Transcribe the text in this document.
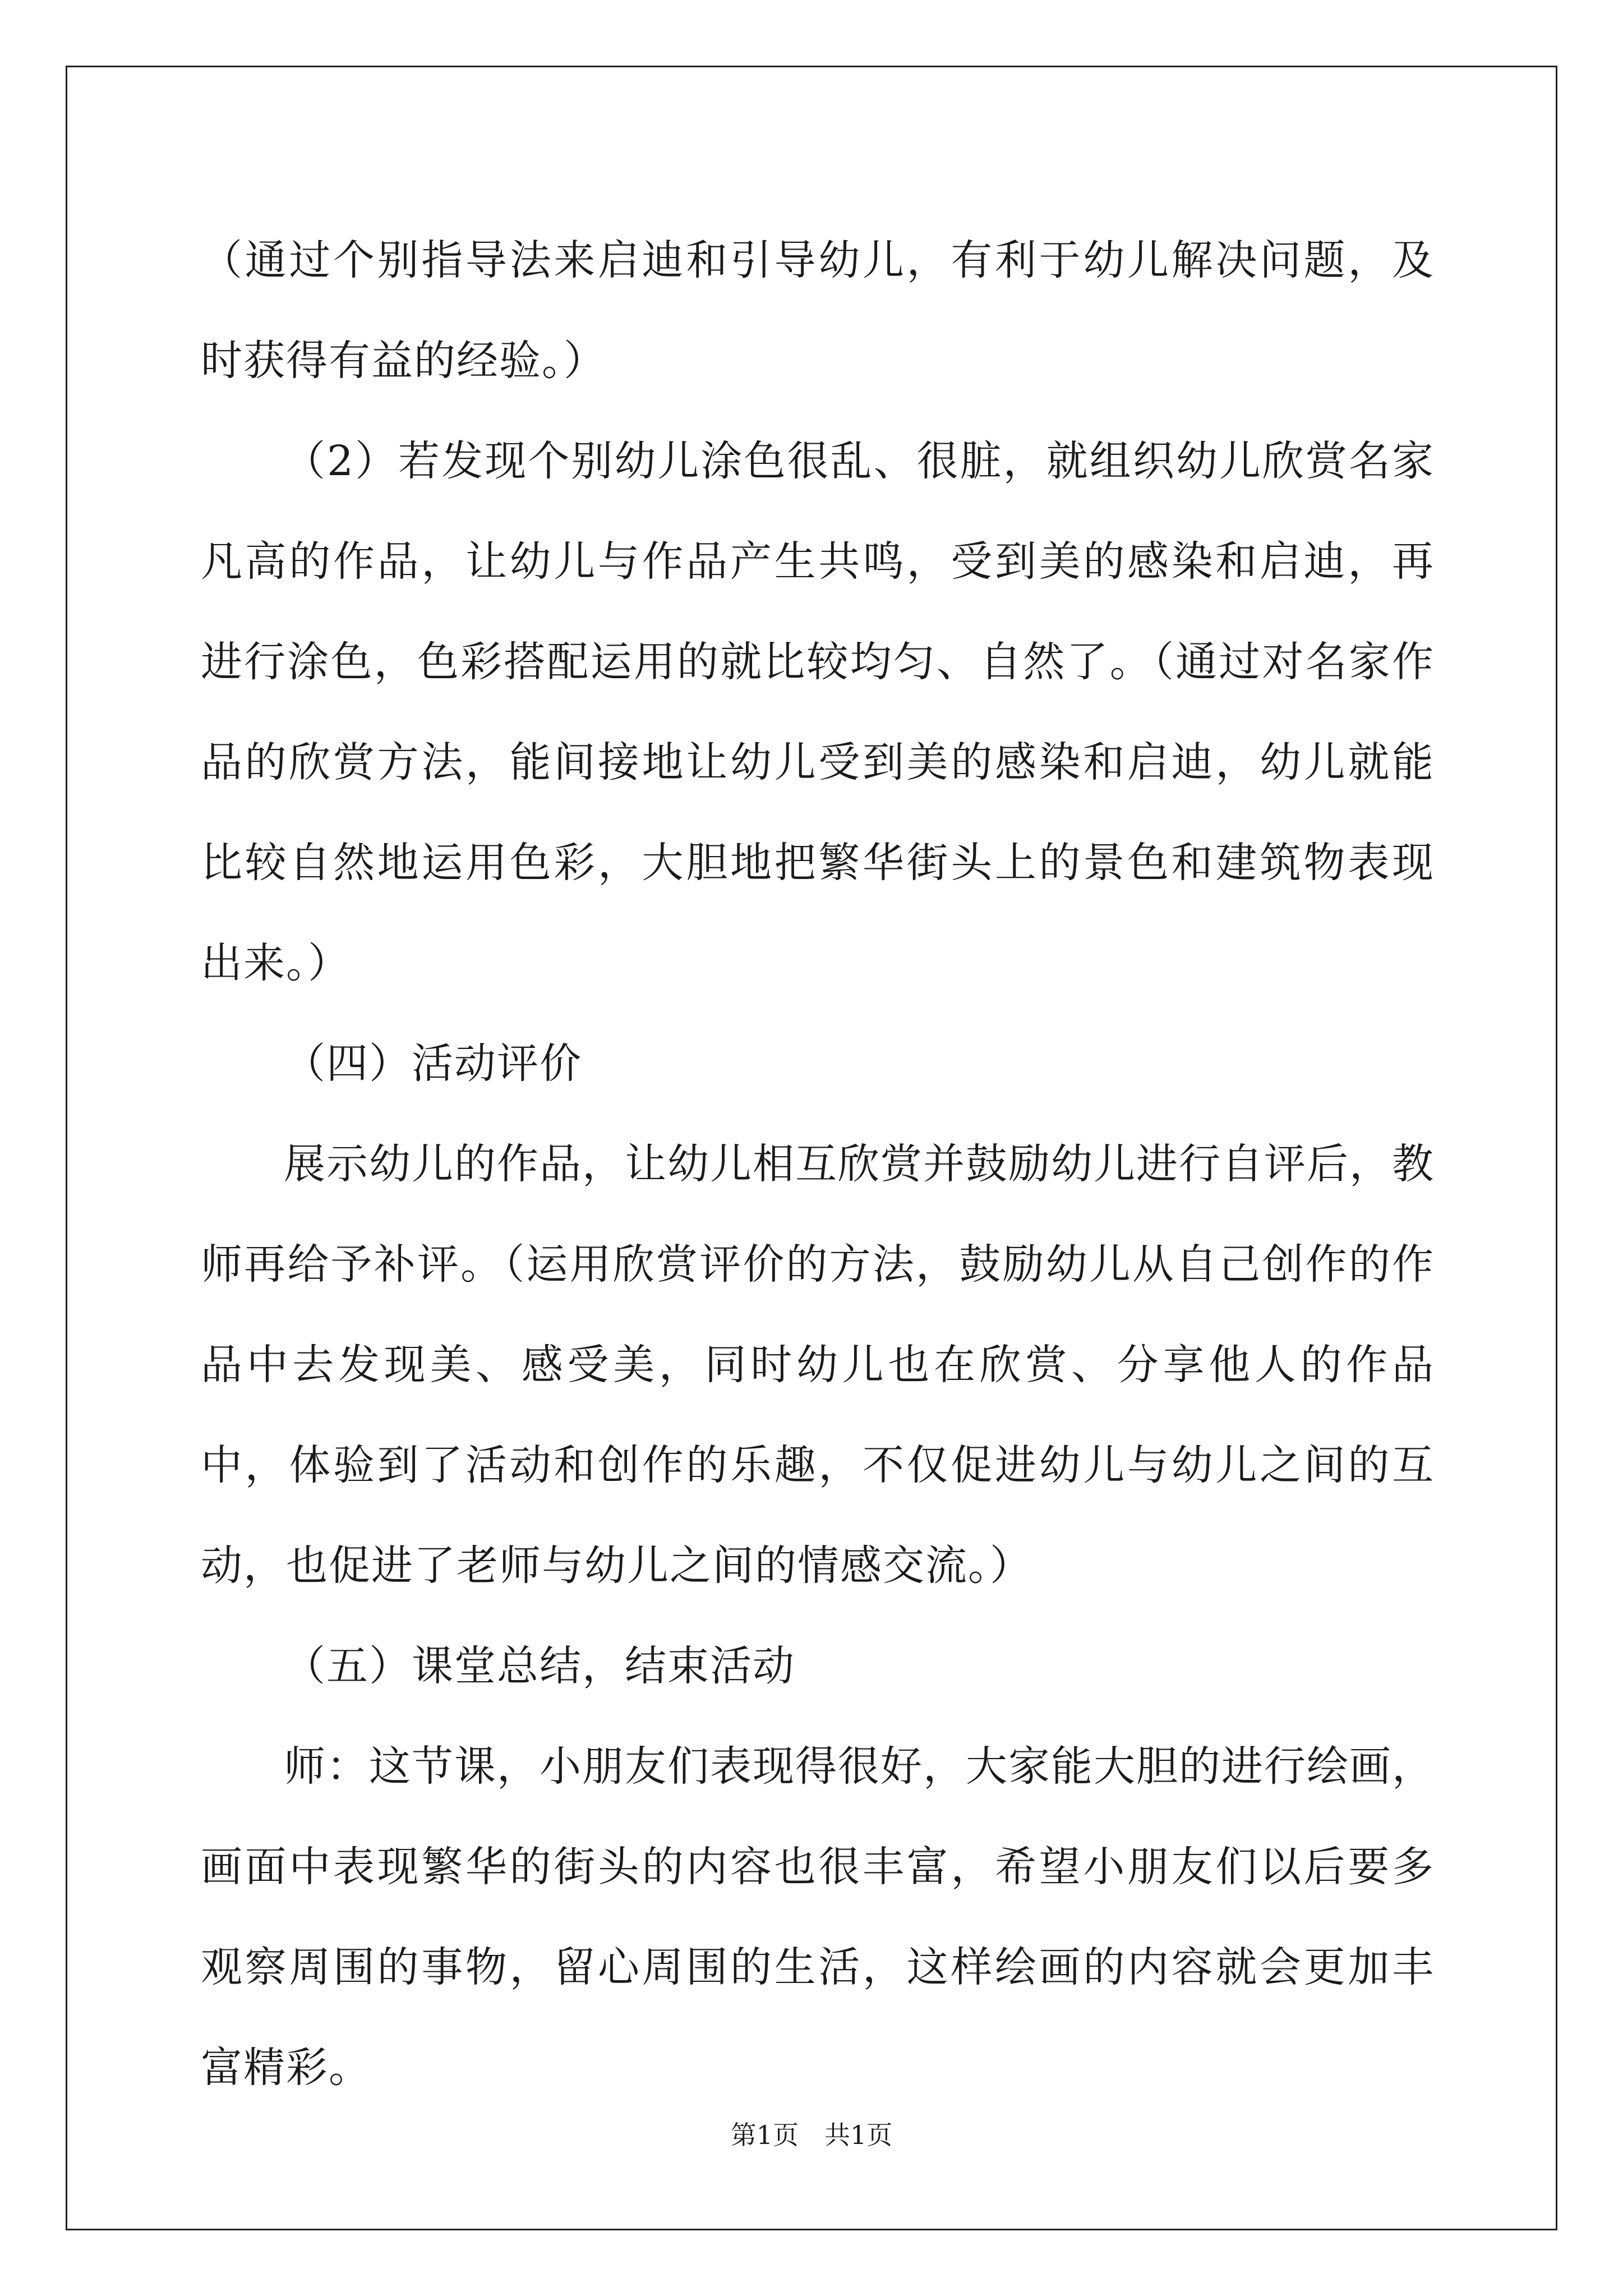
（通过个别指导法来启迪和引导幼儿，有利于幼儿解决问题，及时获得有益的经验。）

（2）若发现个别幼儿涂色很乱、很脏，就组织幼儿欣赏名家凡高的作品，让幼儿与作品产生共鸣，受到美的感染和启迪，再进行涂色，色彩搭配运用的就比较均匀、自然了。（通过对名家作品的欣赏方法，能间接地让幼儿受到美的感染和启迪，幼儿就能比较自然地运用色彩，大胆地把繁华街头上的景色和建筑物表现出来。）

（四）活动评价

展示幼儿的作品，让幼儿相互欣赏并鼓励幼儿进行自评后，教师再给予补评。（运用欣赏评价的方法，鼓励幼儿从自己创作的作品中去发现美、感受美，同时幼儿也在欣赏、分享他人的作品中，体验到了活动和创作的乐趣，不仅促进幼儿与幼儿之间的互动，也促进了老师与幼儿之间的情感交流。）

（五）课堂总结，结束活动

师：这节课，小朋友们表现得很好，大家能大胆的进行绘画，画面中表现繁华的街头的内容也很丰富，希望小朋友们以后要多观察周围的事物，留心周围的生活，这样绘画的内容就会更加丰富精彩。

第1页　共1页
